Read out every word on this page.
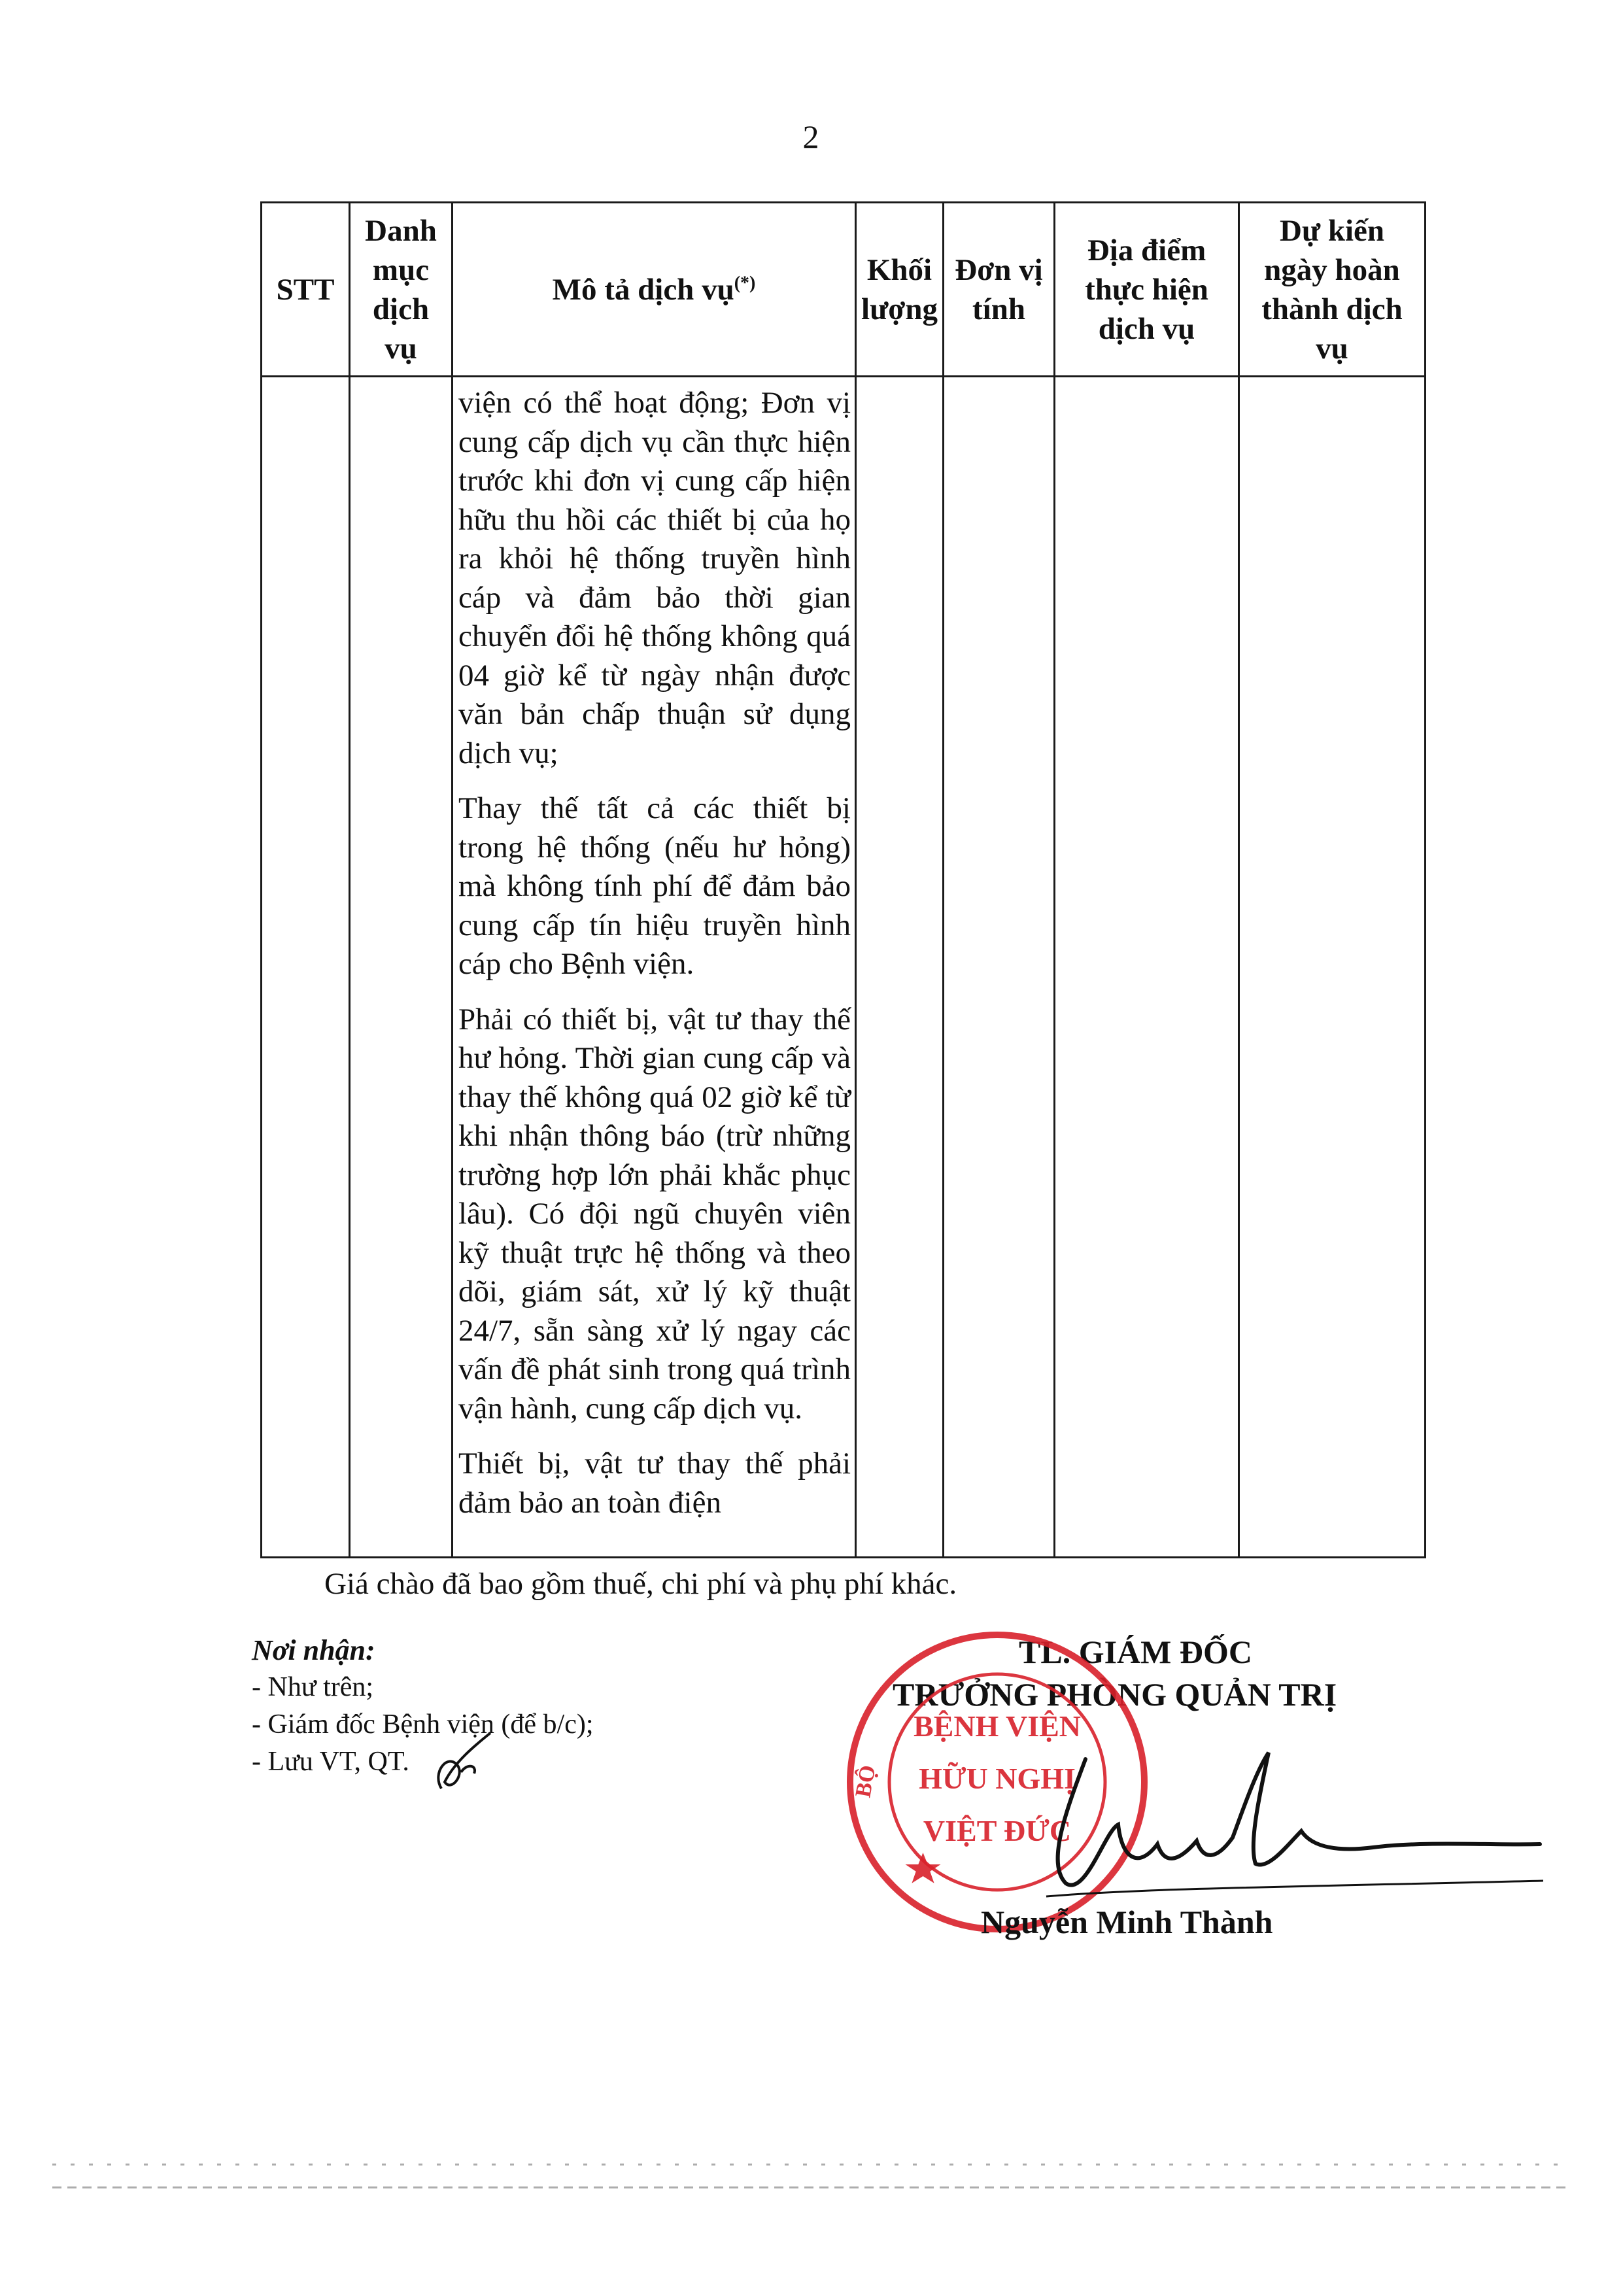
2
STT	Danh
mục
dịch
vụ	Mô tả dịch vụ(*)	Khối
lượng	Đơn vị
tính	Địa điểm
thực hiện
dịch vụ	Dự kiến
ngày hoàn
thành dịch
vụ

		viện có thể hoạt động; Đơn vị cung cấp dịch vụ cần thực hiện trước khi đơn vị cung cấp hiện hữu thu hồi các thiết bị của họ ra khỏi hệ thống truyền hình cáp và đảm bảo thời gian chuyển đổi hệ thống không quá 04 giờ kể từ ngày nhận được văn bản chấp thuận sử dụng dịch vụ;

Thay thế tất cả các thiết bị trong hệ thống (nếu hư hỏng) mà không tính phí để đảm bảo cung cấp tín hiệu truyền hình cáp cho Bệnh viện.

Phải có thiết bị, vật tư thay thế hư hỏng. Thời gian cung cấp và thay thế không quá 02 giờ kể từ khi nhận thông báo (trừ những trường hợp lớn phải khắc phục lâu). Có đội ngũ chuyên viên kỹ thuật trực hệ thống và theo dõi, giám sát, xử lý kỹ thuật 24/7, sẵn sàng xử lý ngay các vấn đề phát sinh trong quá trình vận hành, cung cấp dịch vụ.

Thiết bị, vật tư thay thế phải đảm bảo an toàn điện				

Giá chào đã bao gồm thuế, chi phí và phụ phí khác.
Nơi nhận:
- Như trên;
- Giám đốc Bệnh viện (để b/c);
- Lưu VT, QT.
TL. GIÁM ĐỐC
TRƯỞNG PHÒNG QUẢN TRỊ
BỆNH VIỆN
HỮU NGHỊ
VIỆT ĐỨC
BỘ
Nguyễn Minh Thành
